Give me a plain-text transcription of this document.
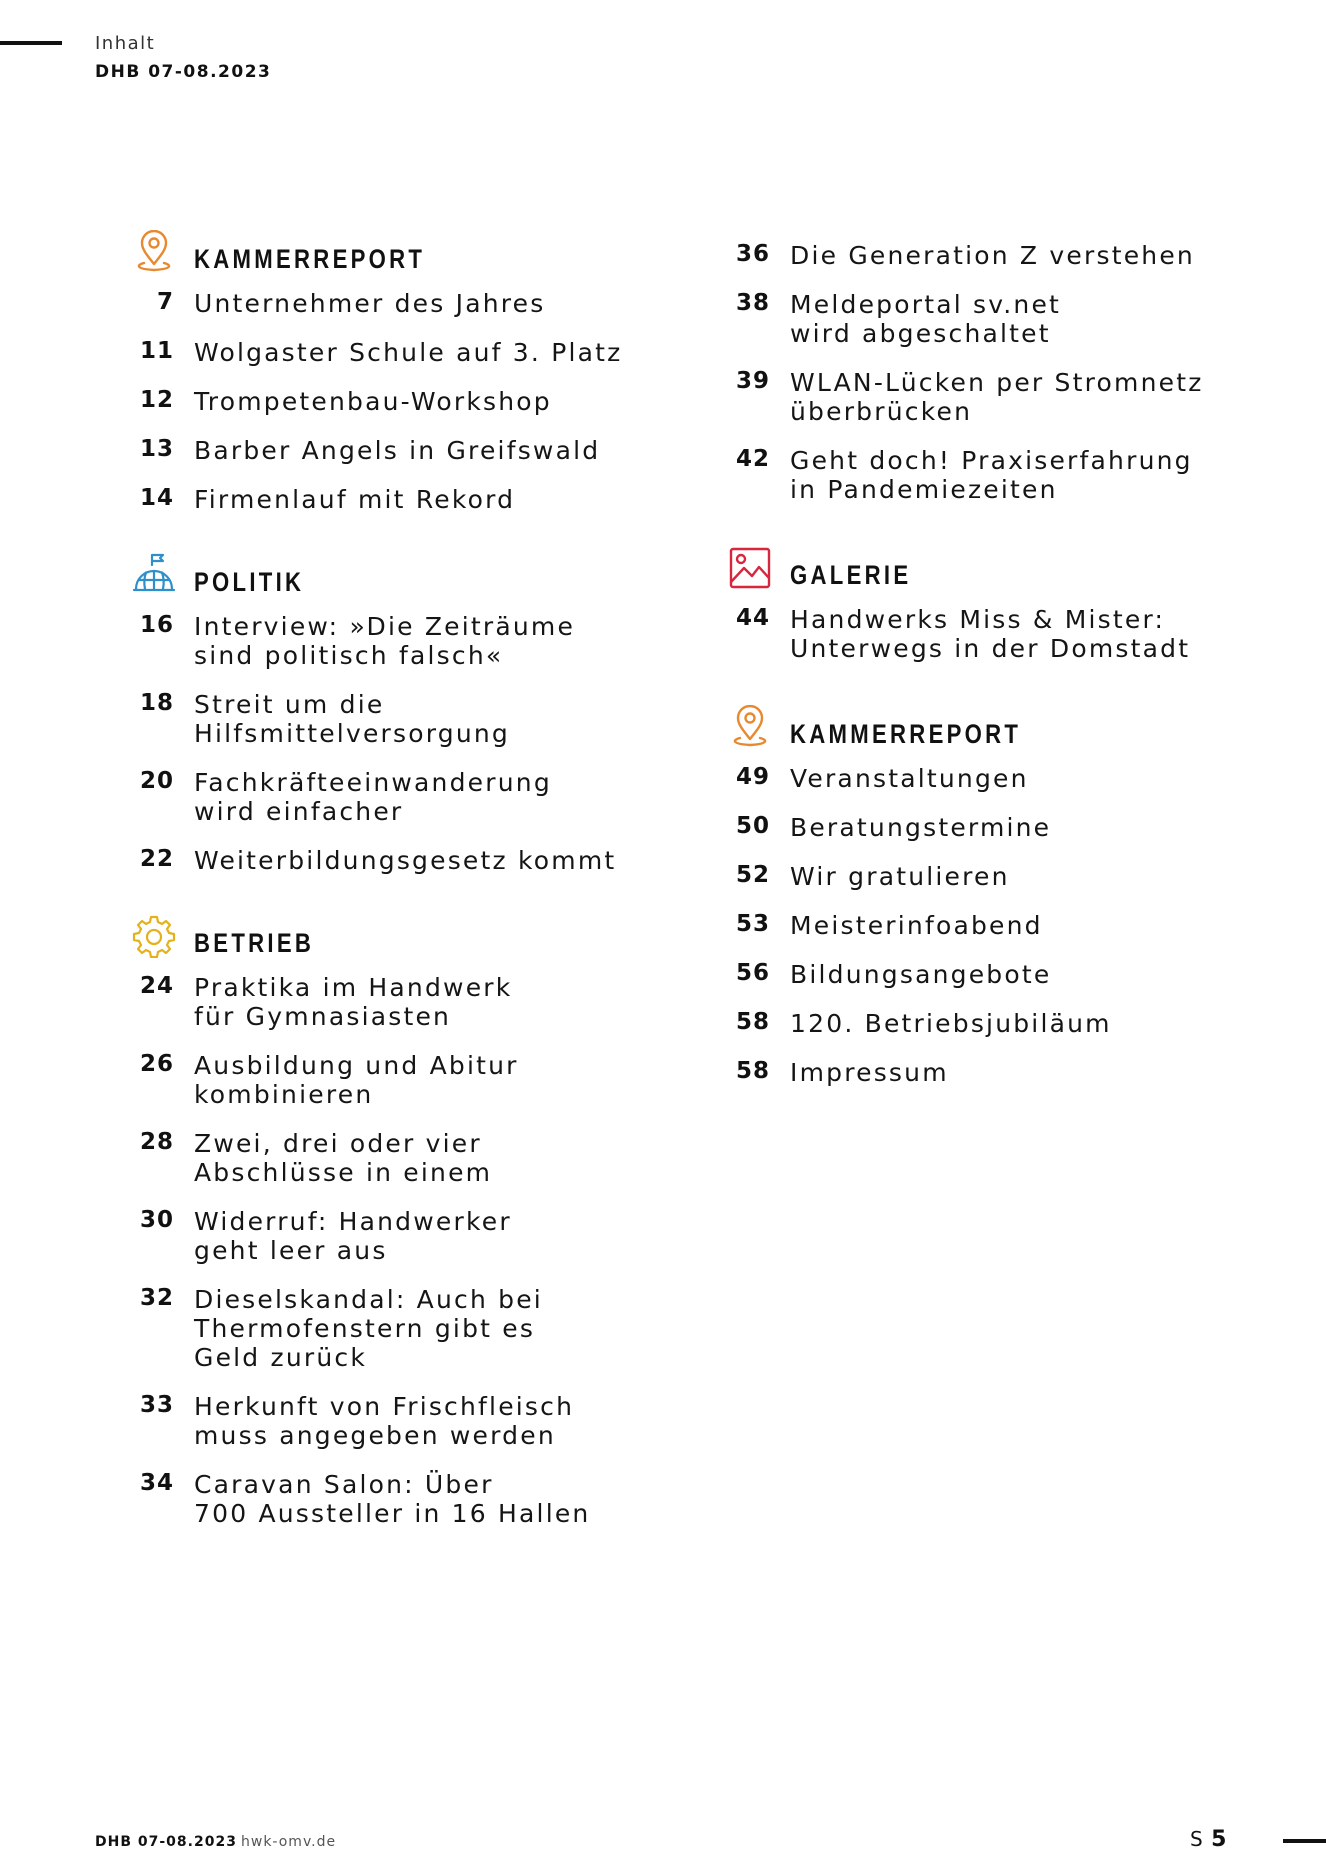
Inhalt
DHB 07-08.2023
KAMMERREPORT
7 Unternehmer des Jahres
11 Wolgaster Schule auf 3. Platz
12 Trompetenbau-Workshop
13 Barber Angels in Greifswald
14 Firmenlauf mit Rekord
POLITIK
16 Interview: »Die Zeiträume
sind politisch falsch«
18 Streit um die
Hilfsmittelversorgung
20 Fachkräfteeinwanderung
wird einfacher
22 Weiterbildungsgesetz kommt
BETRIEB
24 Praktika im Handwerk
für Gymnasiasten
26 Ausbildung und Abitur
kombinieren
28 Zwei, drei oder vier
Abschlüsse in einem
30 Widerruf: Handwerker
geht leer aus
32 Dieselskandal: Auch bei
Thermofenstern gibt es
Geld zurück
33 Herkunft von Frischfleisch
muss angegeben werden
34 Caravan Salon: Über
700 Aussteller in 16 Hallen
36 Die Generation Z verstehen
38 Meldeportal sv.net
wird abgeschaltet
39 WLAN-Lücken per Stromnetz
überbrücken
42 Geht doch! Praxiserfahrung
in Pandemiezeiten
GALERIE
44 Handwerks Miss & Mister:
Unterwegs in der Domstadt
KAMMERREPORT
49 Veranstaltungen
50 Beratungstermine
52 Wir gratulieren
53 Meisterinfoabend
56 Bildungsangebote
58 120. Betriebsjubiläum
58 Impressum
DHB 07-08.2023 hwk-omv.de	S 5
